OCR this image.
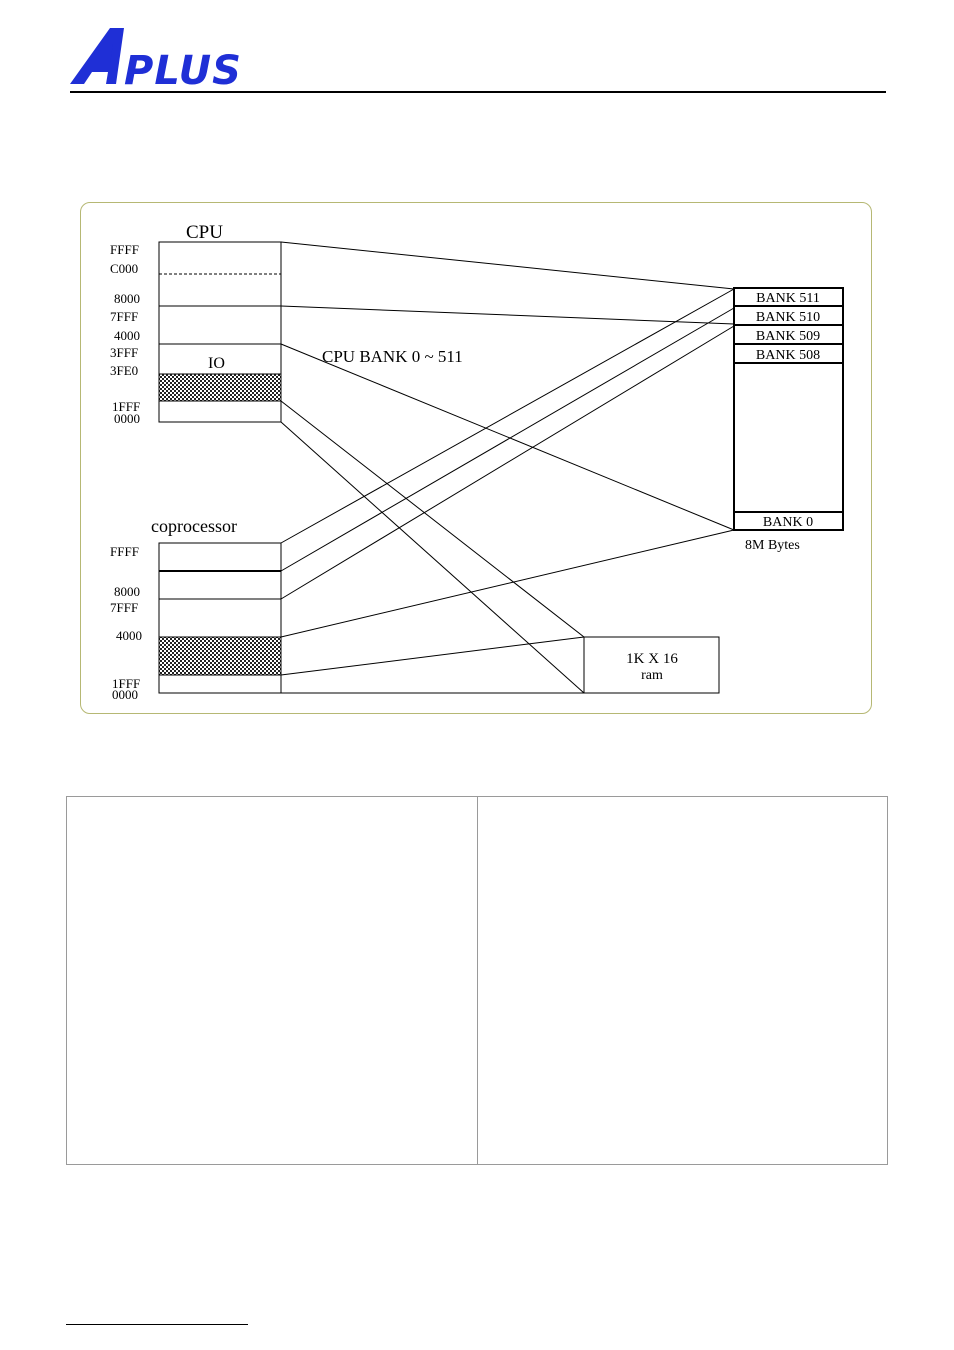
PLUS
CPU
IO
FFFF
C000
8000
7FFF
4000
3FFF
3FE0
1FFF
0000
CPU BANK 0 ~ 511
coprocessor
FFFF
8000
7FFF
4000
1FFF
0000
BANK 511
BANK 510
BANK 509
BANK 508
BANK 0
8M Bytes
1K X 16
ram
